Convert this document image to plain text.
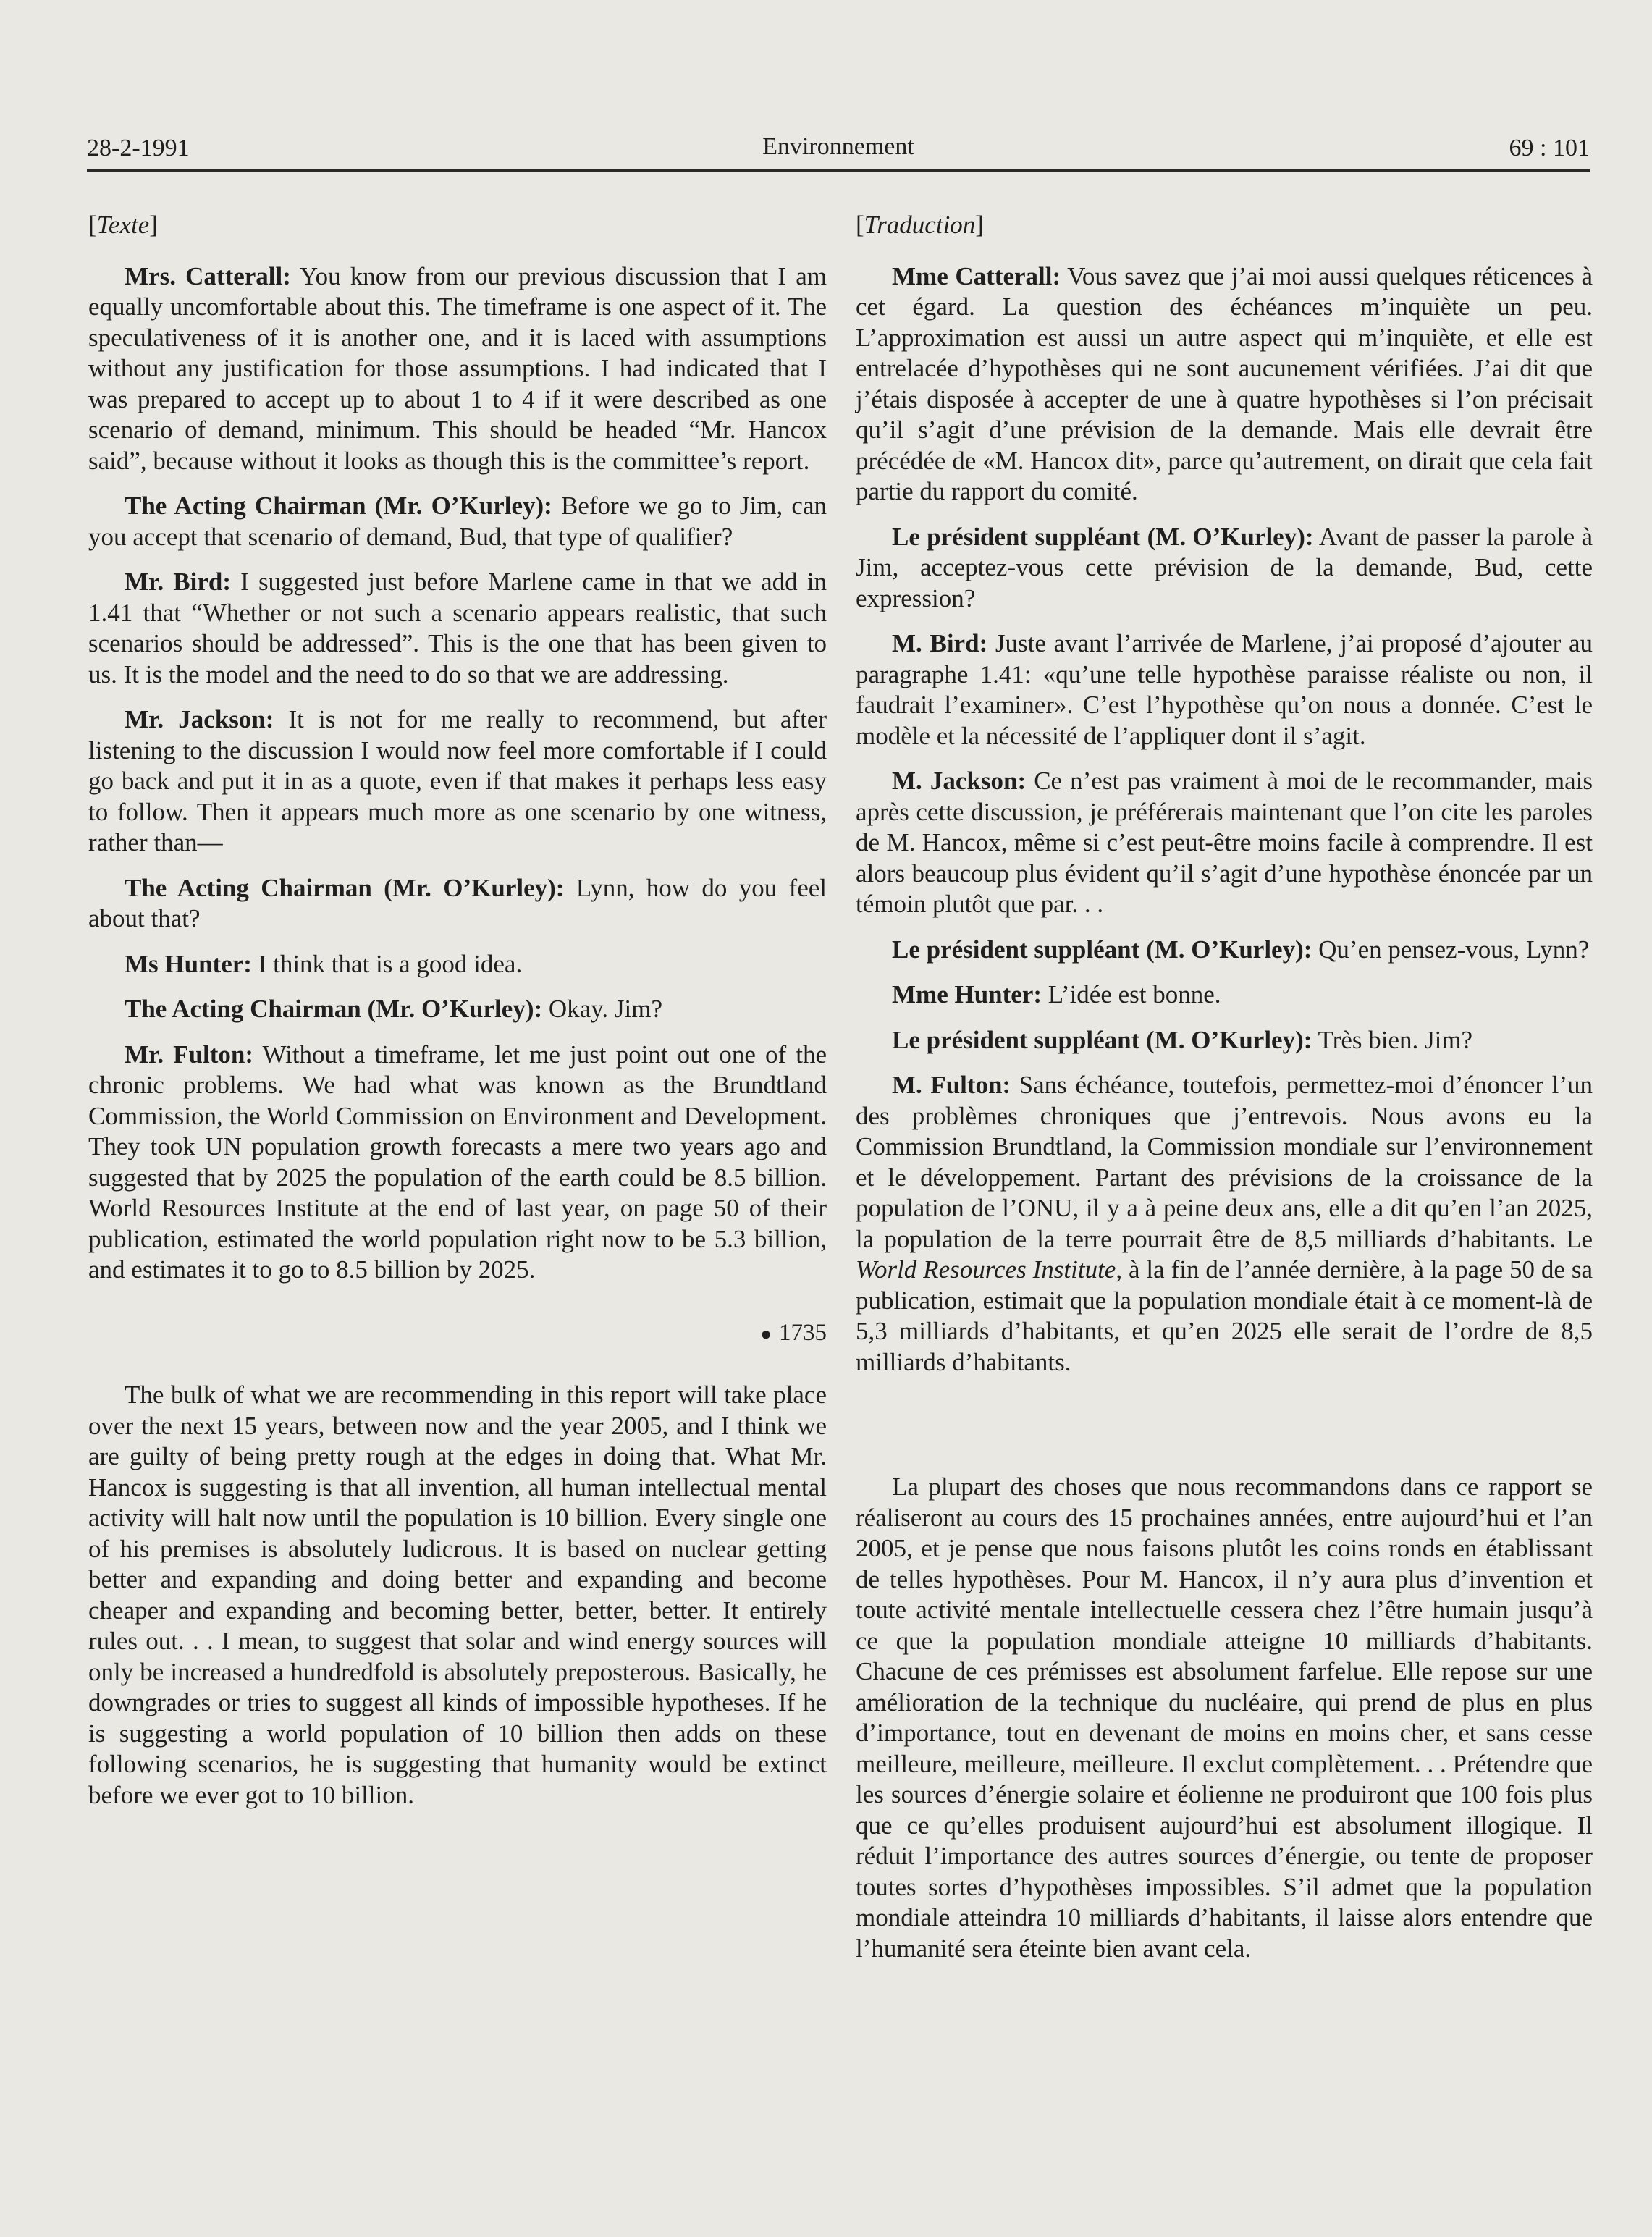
28-2-1991	Environnement	69 : 101

[Texte]

Mrs. Catterall: You know from our previous discussion that I am equally uncomfortable about this. The timeframe is one aspect of it. The speculativeness of it is another one, and it is laced with assumptions without any justification for those assumptions. I had indicated that I was prepared to accept up to about 1 to 4 if it were described as one scenario of demand, minimum. This should be headed “Mr. Hancox said”, because without it looks as though this is the committee’s report.

The Acting Chairman (Mr. O’Kurley): Before we go to Jim, can you accept that scenario of demand, Bud, that type of qualifier?

Mr. Bird: I suggested just before Marlene came in that we add in 1.41 that “Whether or not such a scenario appears realistic, that such scenarios should be addressed”. This is the one that has been given to us. It is the model and the need to do so that we are addressing.

Mr. Jackson: It is not for me really to recommend, but after listening to the discussion I would now feel more comfortable if I could go back and put it in as a quote, even if that makes it perhaps less easy to follow. Then it appears much more as one scenario by one witness, rather than—

The Acting Chairman (Mr. O’Kurley): Lynn, how do you feel about that?

Ms Hunter: I think that is a good idea.

The Acting Chairman (Mr. O’Kurley): Okay. Jim?

Mr. Fulton: Without a timeframe, let me just point out one of the chronic problems. We had what was known as the Brundtland Commission, the World Commission on Environment and Development. They took UN population growth forecasts a mere two years ago and suggested that by 2025 the population of the earth could be 8.5 billion. World Resources Institute at the end of last year, on page 50 of their publication, estimated the world population right now to be 5.3 billion, and estimates it to go to 8.5 billion by 2025.

● 1735

The bulk of what we are recommending in this report will take place over the next 15 years, between now and the year 2005, and I think we are guilty of being pretty rough at the edges in doing that. What Mr. Hancox is suggesting is that all invention, all human intellectual mental activity will halt now until the population is 10 billion. Every single one of his premises is absolutely ludicrous. It is based on nuclear getting better and expanding and doing better and expanding and become cheaper and expanding and becoming better, better, better. It entirely rules out. . . I mean, to suggest that solar and wind energy sources will only be increased a hundredfold is absolutely preposterous. Basically, he downgrades or tries to suggest all kinds of impossible hypotheses. If he is suggesting a world population of 10 billion then adds on these following scenarios, he is suggesting that humanity would be extinct before we ever got to 10 billion.

[Traduction]

Mme Catterall: Vous savez que j’ai moi aussi quelques réticences à cet égard. La question des échéances m’inquiète un peu. L’approximation est aussi un autre aspect qui m’inquiète, et elle est entrelacée d’hypothèses qui ne sont aucunement vérifiées. J’ai dit que j’étais disposée à accepter de une à quatre hypothèses si l’on précisait qu’il s’agit d’une prévision de la demande. Mais elle devrait être précédée de «M. Hancox dit», parce qu’autrement, on dirait que cela fait partie du rapport du comité.

Le président suppléant (M. O’Kurley): Avant de passer la parole à Jim, acceptez-vous cette prévision de la demande, Bud, cette expression?

M. Bird: Juste avant l’arrivée de Marlene, j’ai proposé d’ajouter au paragraphe 1.41: «qu’une telle hypothèse paraisse réaliste ou non, il faudrait l’examiner». C’est l’hypothèse qu’on nous a donnée. C’est le modèle et la nécessité de l’appliquer dont il s’agit.

M. Jackson: Ce n’est pas vraiment à moi de le recommander, mais après cette discussion, je préférerais maintenant que l’on cite les paroles de M. Hancox, même si c’est peut-être moins facile à comprendre. Il est alors beaucoup plus évident qu’il s’agit d’une hypothèse énoncée par un témoin plutôt que par. . .

Le président suppléant (M. O’Kurley): Qu’en pensez-vous, Lynn?

Mme Hunter: L’idée est bonne.

Le président suppléant (M. O’Kurley): Très bien. Jim?

M. Fulton: Sans échéance, toutefois, permettez-moi d’énoncer l’un des problèmes chroniques que j’entrevois. Nous avons eu la Commission Brundtland, la Commission mondiale sur l’environnement et le développement. Partant des prévisions de la croissance de la population de l’ONU, il y a à peine deux ans, elle a dit qu’en l’an 2025, la population de la terre pourrait être de 8,5 milliards d’habitants. Le World Resources Institute, à la fin de l’année dernière, à la page 50 de sa publication, estimait que la population mondiale était à ce moment-là de 5,3 milliards d’habitants, et qu’en 2025 elle serait de l’ordre de 8,5 milliards d’habitants.

La plupart des choses que nous recommandons dans ce rapport se réaliseront au cours des 15 prochaines années, entre aujourd’hui et l’an 2005, et je pense que nous faisons plutôt les coins ronds en établissant de telles hypothèses. Pour M. Hancox, il n’y aura plus d’invention et toute activité mentale intellectuelle cessera chez l’être humain jusqu’à ce que la population mondiale atteigne 10 milliards d’habitants. Chacune de ces prémisses est absolument farfelue. Elle repose sur une amélioration de la technique du nucléaire, qui prend de plus en plus d’importance, tout en devenant de moins en moins cher, et sans cesse meilleure, meilleure, meilleure. Il exclut complètement. . . Prétendre que les sources d’énergie solaire et éolienne ne produiront que 100 fois plus que ce qu’elles produisent aujourd’hui est absolument illogique. Il réduit l’importance des autres sources d’énergie, ou tente de proposer toutes sortes d’hypothèses impossibles. S’il admet que la population mondiale atteindra 10 milliards d’habitants, il laisse alors entendre que l’humanité sera éteinte bien avant cela.
